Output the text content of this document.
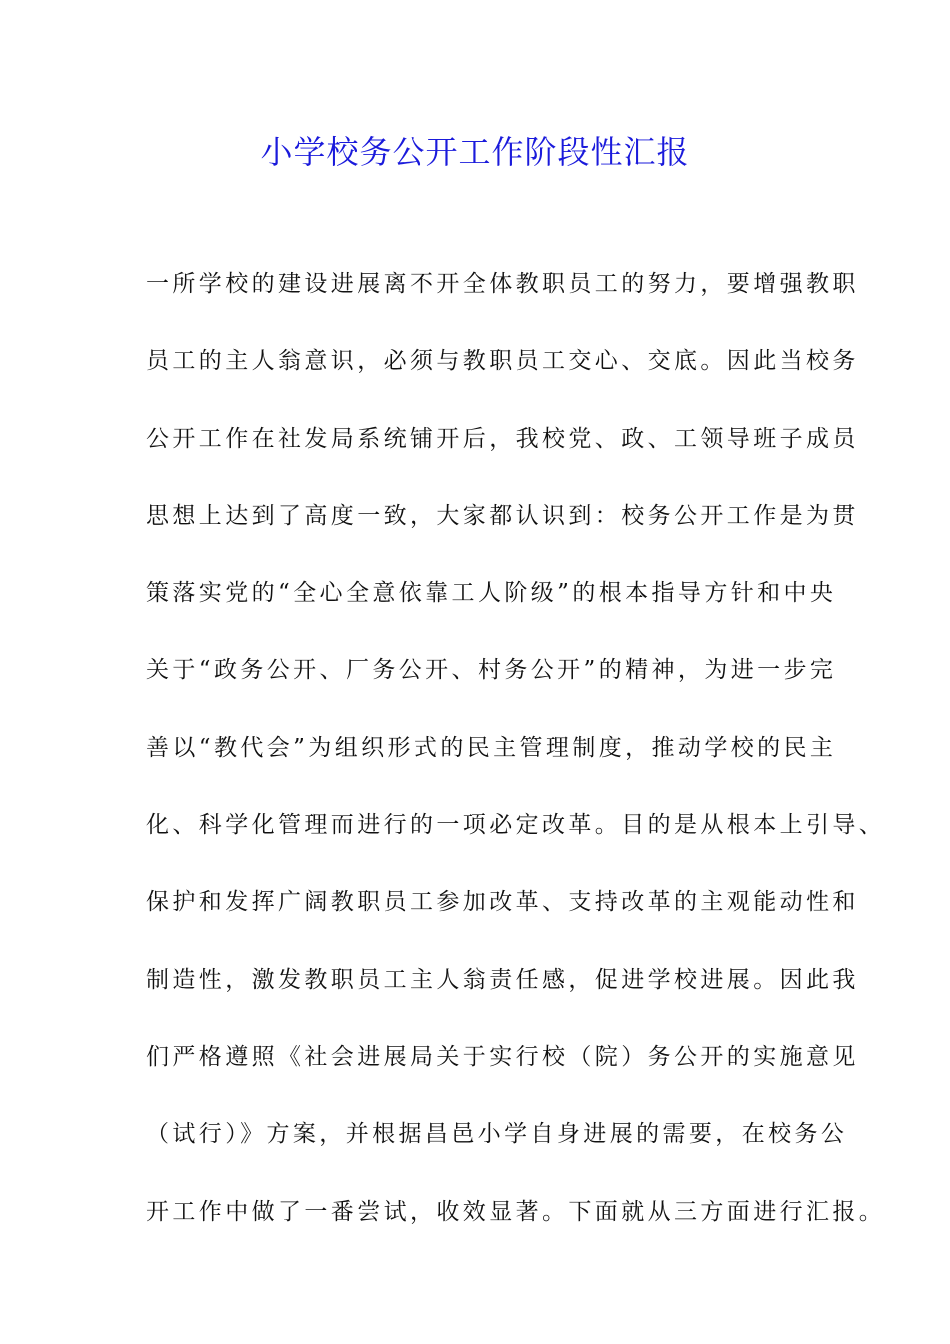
小学校务公开工作阶段性汇报
一所学校的建设进展离不开全体教职员工的努力，要增强教职
员工的主人翁意识，必须与教职员工交心、交底。因此当校务
公开工作在社发局系统铺开后，我校党、政、工领导班子成员
思想上达到了高度一致，大家都认识到：校务公开工作是为贯
策落实党的“全心全意依靠工人阶级”的根本指导方针和中央
关于“政务公开、厂务公开、村务公开”的精神，为进一步完
善以“教代会”为组织形式的民主管理制度，推动学校的民主
化、科学化管理而进行的一项必定改革。目的是从根本上引导、
保护和发挥广阔教职员工参加改革、支持改革的主观能动性和
制造性，激发教职员工主人翁责任感，促进学校进展。因此我
们严格遵照《社会进展局关于实行校（院）务公开的实施意见
（试行）》方案，并根据昌邑小学自身进展的需要，在校务公
开工作中做了一番尝试，收效显著。下面就从三方面进行汇报。
